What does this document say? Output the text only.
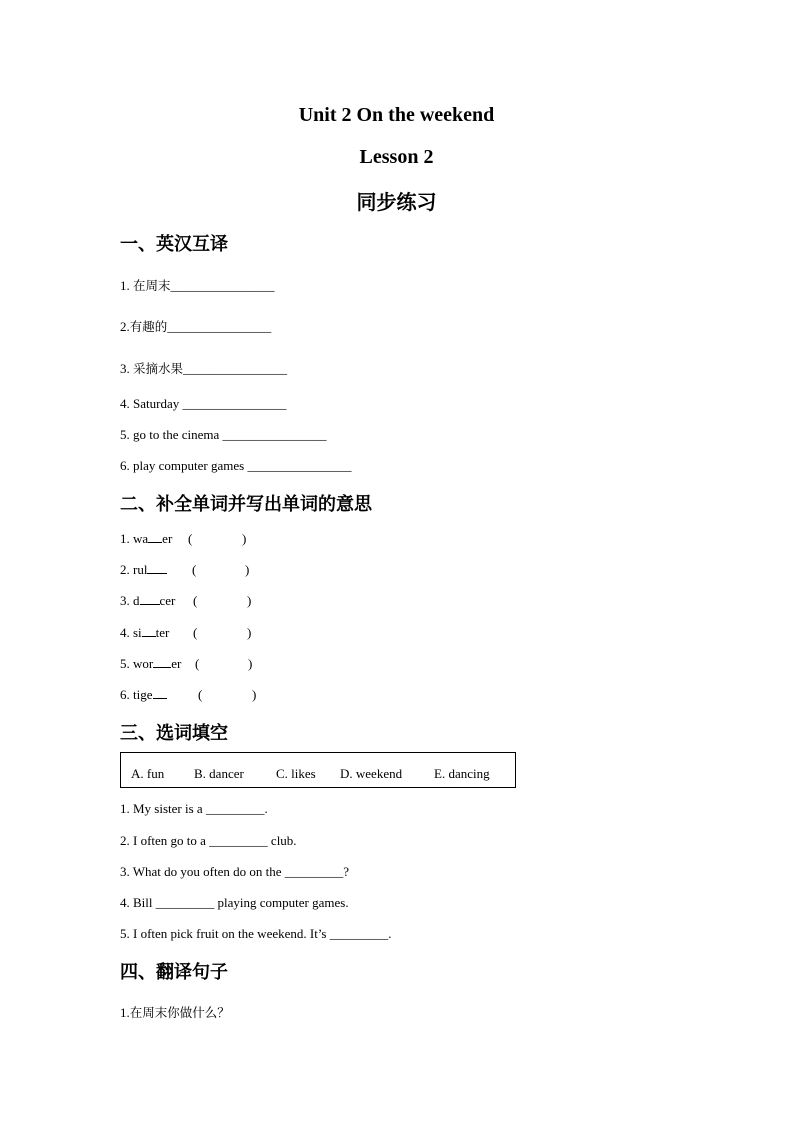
Unit 2 On the weekend
Lesson 2
同步练习
一、英汉互译
1. 在周末________________
2.有趣的________________
3. 采摘水果________________
4. Saturday ________________
5. go to the cinema ________________
6. play computer games ________________
二、补全单词并写出单词的意思
1. wa er (	)
2. rul	(	)
3. d cer (	)
4. si ter (	)
5. wor er (	)
6. tige	(	)
三、选词填空
A. fun B. dancer C. likes D. weekend E. dancing
1. My sister is a _________.
2. I often go to a _________ club.
3. What do you often do on the _________?
4. Bill _________ playing computer games.
5. I often pick fruit on the weekend. It’s _________.
四、翻译句子
1.在周末你做什么？
